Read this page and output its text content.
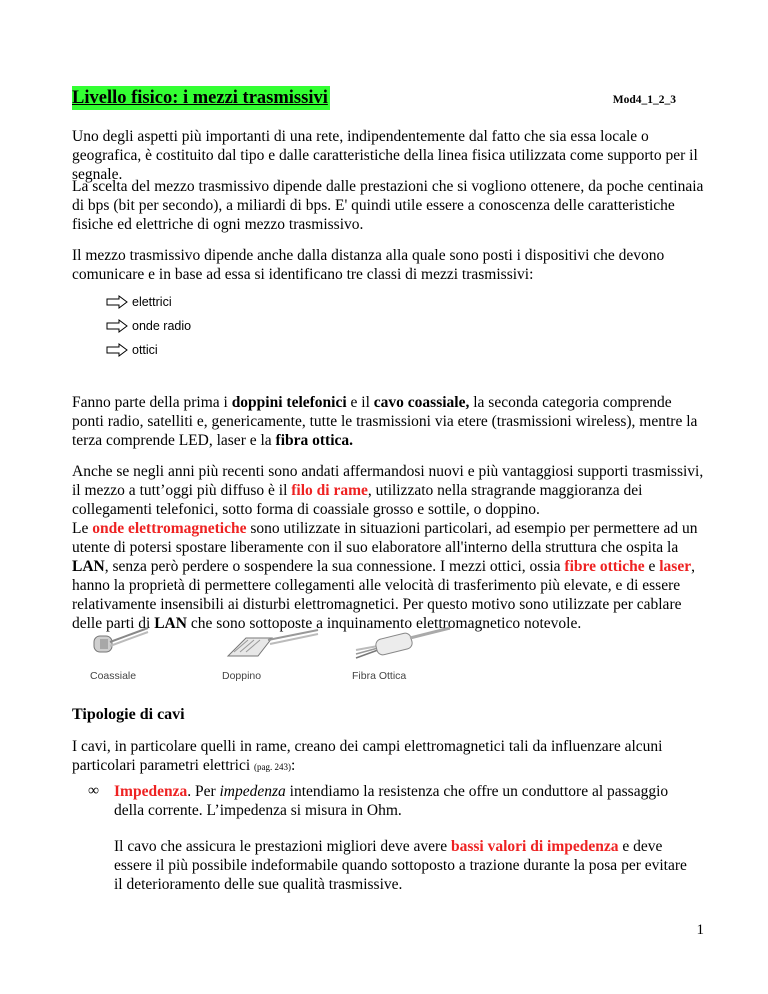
Livello fisico: i mezzi trasmissivi	Mod4_1_2_3

Uno degli aspetti più importanti di una rete, indipendentemente dal fatto che sia essa locale o geografica, è costituito dal tipo e dalle caratteristiche della linea fisica utilizzata come supporto per il segnale.

La scelta del mezzo trasmissivo dipende dalle prestazioni che si vogliono ottenere, da poche centinaia di bps (bit per secondo), a miliardi di bps. E' quindi utile essere a conoscenza delle caratteristiche fisiche ed elettriche di ogni mezzo trasmissivo.

Il mezzo trasmissivo dipende anche dalla distanza alla quale sono posti i dispositivi che devono comunicare e in base ad essa si identificano tre classi di mezzi trasmissivi:

elettrici
onde radio
ottici

Fanno parte della prima i doppini telefonici e il cavo coassiale, la seconda categoria comprende ponti radio, satelliti e, genericamente, tutte le trasmissioni via etere (trasmissioni wireless), mentre la terza comprende LED, laser e la fibra ottica.

Anche se negli anni più recenti sono andati affermandosi nuovi e più vantaggiosi supporti trasmissivi, il mezzo a tutt’oggi più diffuso è il filo di rame, utilizzato nella stragrande maggioranza dei collegamenti telefonici, sotto forma di coassiale grosso e sottile, o doppino.
Le onde elettromagnetiche sono utilizzate in situazioni particolari, ad esempio per permettere ad un utente di potersi spostare liberamente con il suo elaboratore all'interno della struttura che ospita la LAN, senza però perdere o sospendere la sua connessione. I mezzi ottici, ossia fibre ottiche e laser, hanno la proprietà di permettere collegamenti alle velocità di trasferimento più elevate, e di essere relativamente insensibili ai disturbi elettromagnetici. Per questo motivo sono utilizzate per cablare delle parti di LAN che sono sottoposte a inquinamento elettromagnetico notevole.

Coassiale	Doppino	Fibra Ottica
Tipologie di cavi

I cavi, in particolare quelli in rame, creano dei campi elettromagnetici tali da influenzare alcuni particolari parametri elettrici (pag. 243):

∞ Impedenza. Per impedenza intendiamo la resistenza che offre un conduttore al passaggio della corrente. L’impedenza si misura in Ohm.

Il cavo che assicura le prestazioni migliori deve avere bassi valori di impedenza e deve essere il più possibile indeformabile quando sottoposto a trazione durante la posa per evitare il deterioramento delle sue qualità trasmissive.

1
